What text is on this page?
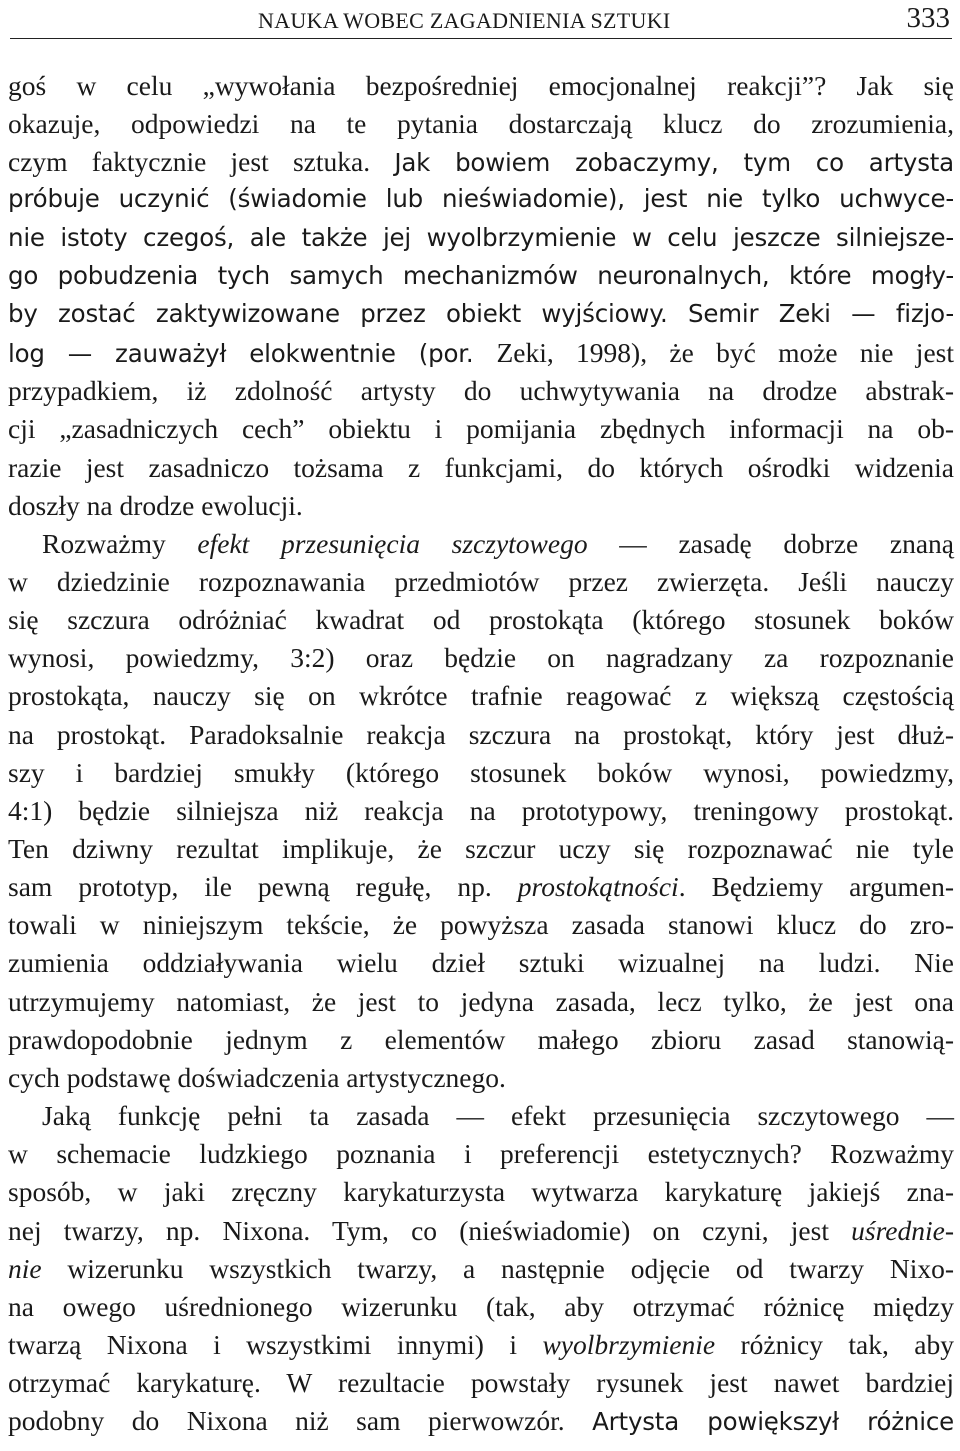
NAUKA WOBEC ZAGADNIENIA SZTUKI	333
goś w celu „wywołania bezpośredniej emocjonalnej reakcji”? Jak się
okazuje, odpowiedzi na te pytania dostarczają klucz do zrozumienia,
czym faktycznie jest sztuka. Jak bowiem zobaczymy, tym co artysta
próbuje uczynić (świadomie lub nieświadomie), jest nie tylko uchwyce-
nie istoty czegoś, ale także jej wyolbrzymienie w celu jeszcze silniejsze-
go pobudzenia tych samych mechanizmów neuronalnych, które mogły-
by zostać zaktywizowane przez obiekt wyjściowy. Semir Zeki — fizjo-
log — zauważył elokwentnie (por. Zeki, 1998), że być może nie jest
przypadkiem, iż zdolność artysty do uchwytywania na drodze abstrak-
cji „zasadniczych cech” obiektu i pomijania zbędnych informacji na ob-
razie jest zasadniczo tożsama z funkcjami, do których ośrodki widzenia
doszły na drodze ewolucji.
Rozważmy efekt przesunięcia szczytowego — zasadę dobrze znaną
w dziedzinie rozpoznawania przedmiotów przez zwierzęta. Jeśli nauczy
się szczura odróżniać kwadrat od prostokąta (którego stosunek boków
wynosi, powiedzmy, 3:2) oraz będzie on nagradzany za rozpoznanie
prostokąta, nauczy się on wkrótce trafnie reagować z większą częstością
na prostokąt. Paradoksalnie reakcja szczura na prostokąt, który jest dłuż-
szy i bardziej smukły (którego stosunek boków wynosi, powiedzmy,
4:1) będzie silniejsza niż reakcja na prototypowy, treningowy prostokąt.
Ten dziwny rezultat implikuje, że szczur uczy się rozpoznawać nie tyle
sam prototyp, ile pewną regułę, np. prostokątności. Będziemy argumen-
towali w niniejszym tekście, że powyższa zasada stanowi klucz do zro-
zumienia oddziaływania wielu dzieł sztuki wizualnej na ludzi. Nie
utrzymujemy natomiast, że jest to jedyna zasada, lecz tylko, że jest ona
prawdopodobnie jednym z elementów małego zbioru zasad stanowią-
cych podstawę doświadczenia artystycznego.
Jaką funkcję pełni ta zasada — efekt przesunięcia szczytowego —
w schemacie ludzkiego poznania i preferencji estetycznych? Rozważmy
sposób, w jaki zręczny karykaturzysta wytwarza karykaturę jakiejś zna-
nej twarzy, np. Nixona. Tym, co (nieświadomie) on czyni, jest uśrednie-
nie wizerunku wszystkich twarzy, a następnie odjęcie od twarzy Nixo-
na owego uśrednionego wizerunku (tak, aby otrzymać różnicę między
twarzą Nixona i wszystkimi innymi) i wyolbrzymienie różnicy tak, aby
otrzymać karykaturę. W rezultacie powstały rysunek jest nawet bardziej
podobny do Nixona niż sam pierwowzór. Artysta powiększył różnice
